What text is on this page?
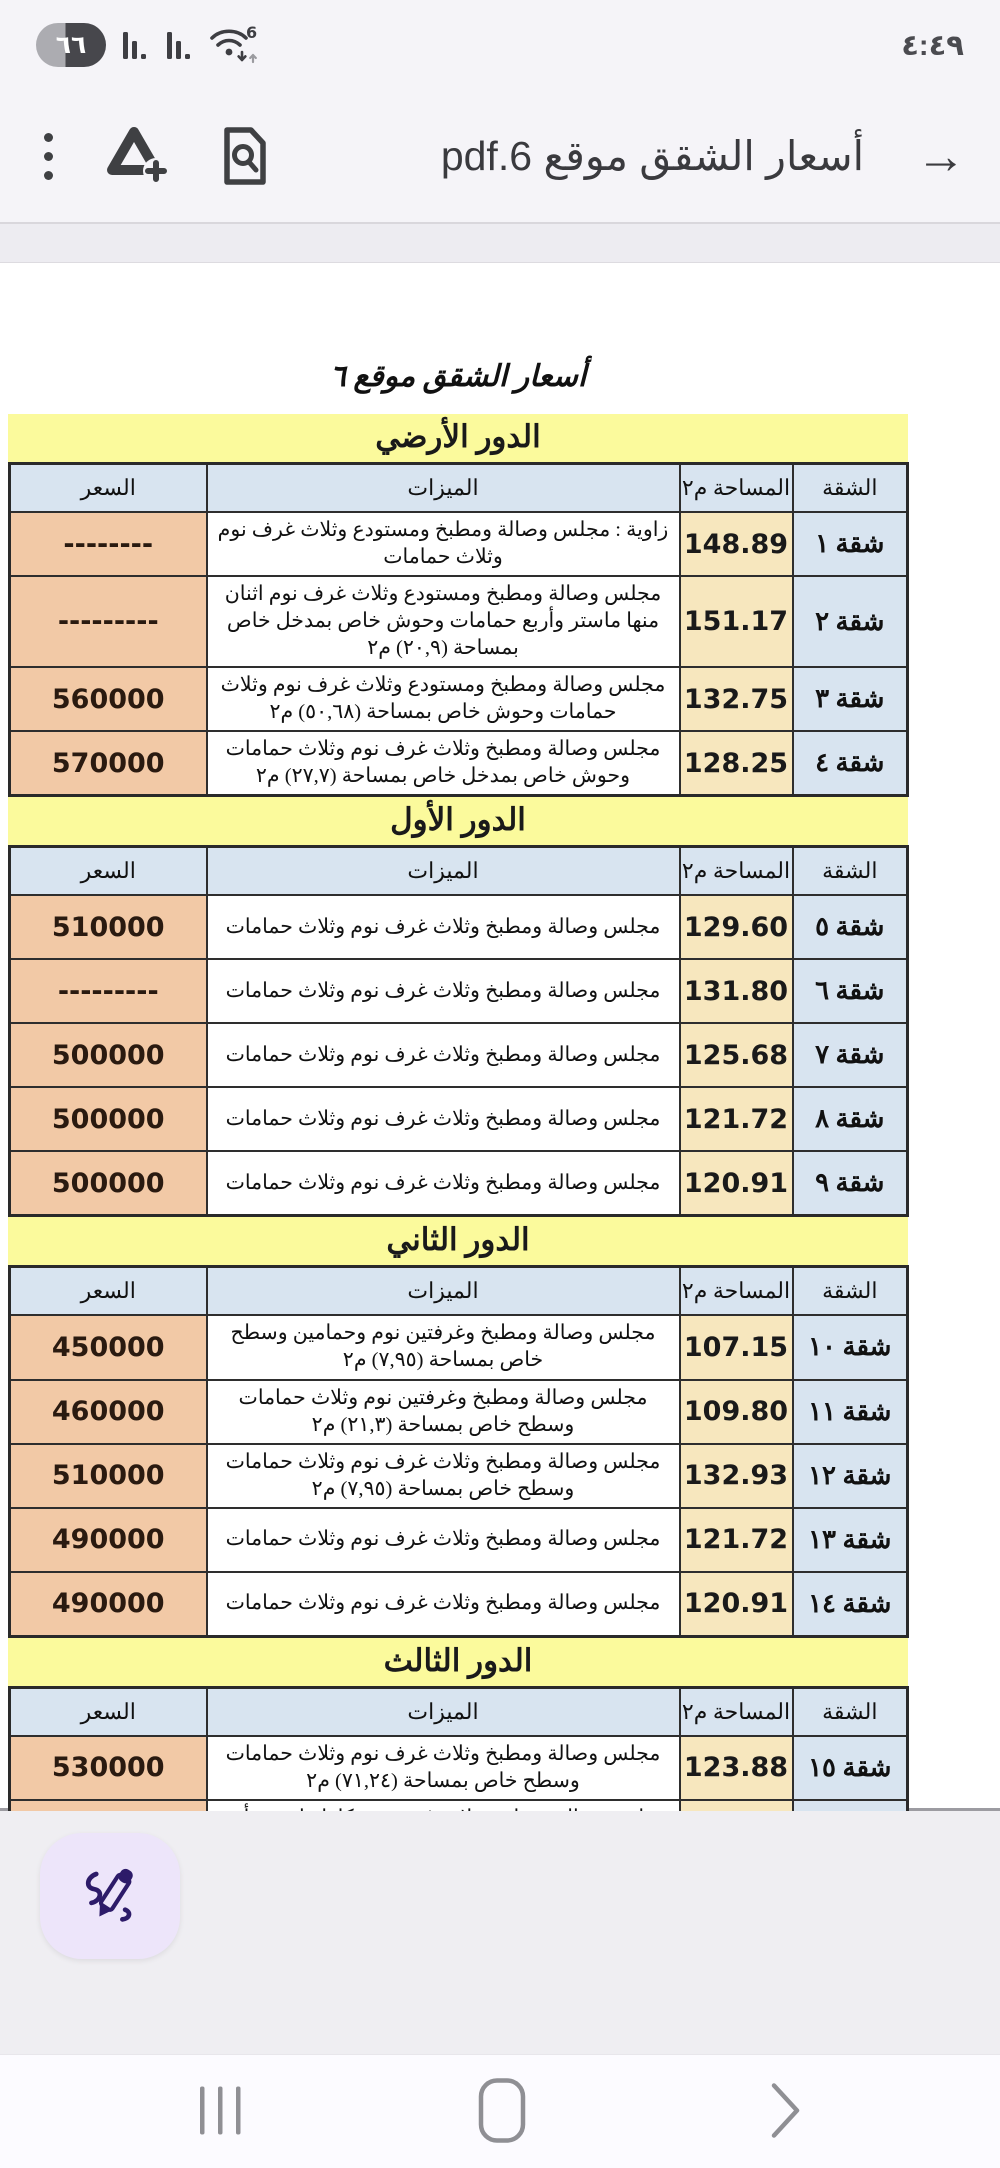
٦٦	6	٤:٤٩
أسعار الشقق موقع 6.pdf	→
أسعار الشقق موقع ٦
الدور الأرضي
الشقة	المساحة م٢	الميزات	السعر
شقة ١	148.89	زاوية : مجلس وصالة ومطبخ ومستودع وثلاث غرف نوم وثلاث حمامات	--------
شقة ٢	151.17	مجلس وصالة ومطبخ ومستودع وثلاث غرف نوم اثنان منها ماستر وأربع حمامات وحوش خاص بمدخل خاص بمساحة (٢٠,٩) م٢	---------
شقة ٣	132.75	مجلس وصالة ومطبخ ومستودع وثلاث غرف نوم وثلاث حمامات وحوش خاص بمساحة (٥٠,٦٨) م٢	560000
شقة ٤	128.25	مجلس وصالة ومطبخ وثلاث غرف نوم وثلاث حمامات وحوش خاص بمدخل خاص بمساحة (٢٧,٧) م٢	570000
الدور الأول
الشقة	المساحة م٢	الميزات	السعر
شقة ٥	129.60	مجلس وصالة ومطبخ وثلاث غرف نوم وثلاث حمامات	510000
شقة ٦	131.80	مجلس وصالة ومطبخ وثلاث غرف نوم وثلاث حمامات	---------
شقة ٧	125.68	مجلس وصالة ومطبخ وثلاث غرف نوم وثلاث حمامات	500000
شقة ٨	121.72	مجلس وصالة ومطبخ وثلاث غرف نوم وثلاث حمامات	500000
شقة ٩	120.91	مجلس وصالة ومطبخ وثلاث غرف نوم وثلاث حمامات	500000
الدور الثاني
الشقة	المساحة م٢	الميزات	السعر
شقة ١٠	107.15	مجلس وصالة ومطبخ وغرفتين نوم وحمامين وسطح خاص بمساحة (٧,٩٥) م٢	450000
شقة ١١	109.80	مجلس وصالة ومطبخ وغرفتين نوم وثلاث حمامات وسطح خاص بمساحة (٢١,٣) م٢	460000
شقة ١٢	132.93	مجلس وصالة ومطبخ وثلاث غرف نوم وثلاث حمامات وسطح خاص بمساحة (٧,٩٥) م٢	510000
شقة ١٣	121.72	مجلس وصالة ومطبخ وثلاث غرف نوم وثلاث حمامات	490000
شقة ١٤	120.91	مجلس وصالة ومطبخ وثلاث غرف نوم وثلاث حمامات	490000
الدور الثالث
الشقة	المساحة م٢	الميزات	السعر
شقة ١٥	123.88	مجلس وصالة ومطبخ وثلاث غرف نوم وثلاث حمامات وسطح خاص بمساحة (٧١,٢٤) م٢	530000
